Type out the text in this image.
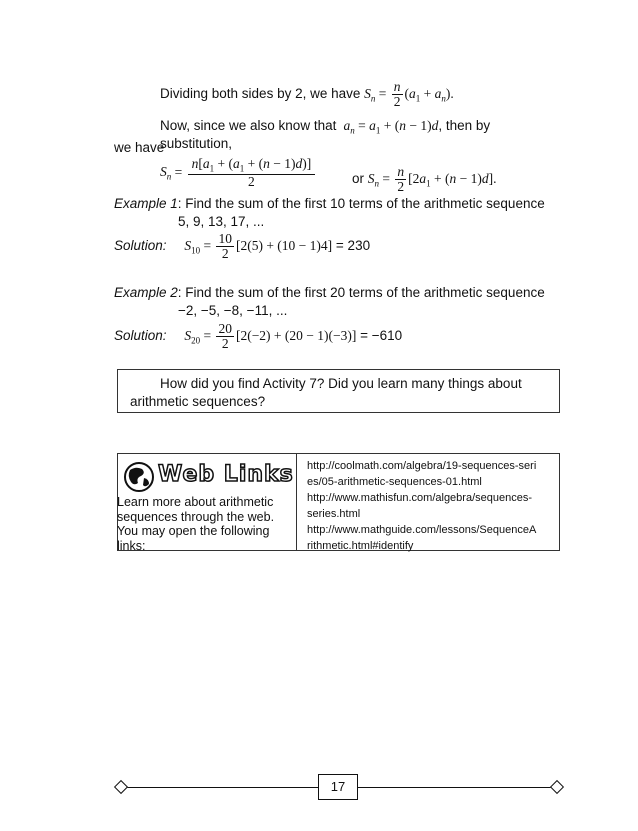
Dividing both sides by 2, we have $S_n = \frac{n}{2} (a_1 + a_n)$.
Now, since we also know that $a_n = a_1 + (n - 1)d$, then by substitution,
we have
$S_n = \frac{n[a_1 + (a_1 + (n - 1)d)]}{2}$	or $S_n = \frac{n}{2} [2a_1 + (n - 1)d]$.
Example 1: Find the sum of the first 10 terms of the arithmetic sequence
5, 9, 13, 17, ...
Solution: $S_{10} = \frac{10}{2} [2(5) + (10 - 1)4] = 230$
Example 2: Find the sum of the first 20 terms of the arithmetic sequence
−2, −5, −8, −11, ...
Solution: $S_{20} = \frac{20}{2} [2(-2) + (20 - 1)(-3)] = -610$
How did you find Activity 7? Did you learn many things about
arithmetic sequences?
Web Links
Learn more about arithmetic sequences through the web. You may open the following links:
http://coolmath.com/algebra/19-sequences-series/05-arithmetic-sequences-01.html
http://www.mathisfun.com/algebra/sequences-series.html
http://www.mathguide.com/lessons/SequenceArithmetic.html#identify
17
